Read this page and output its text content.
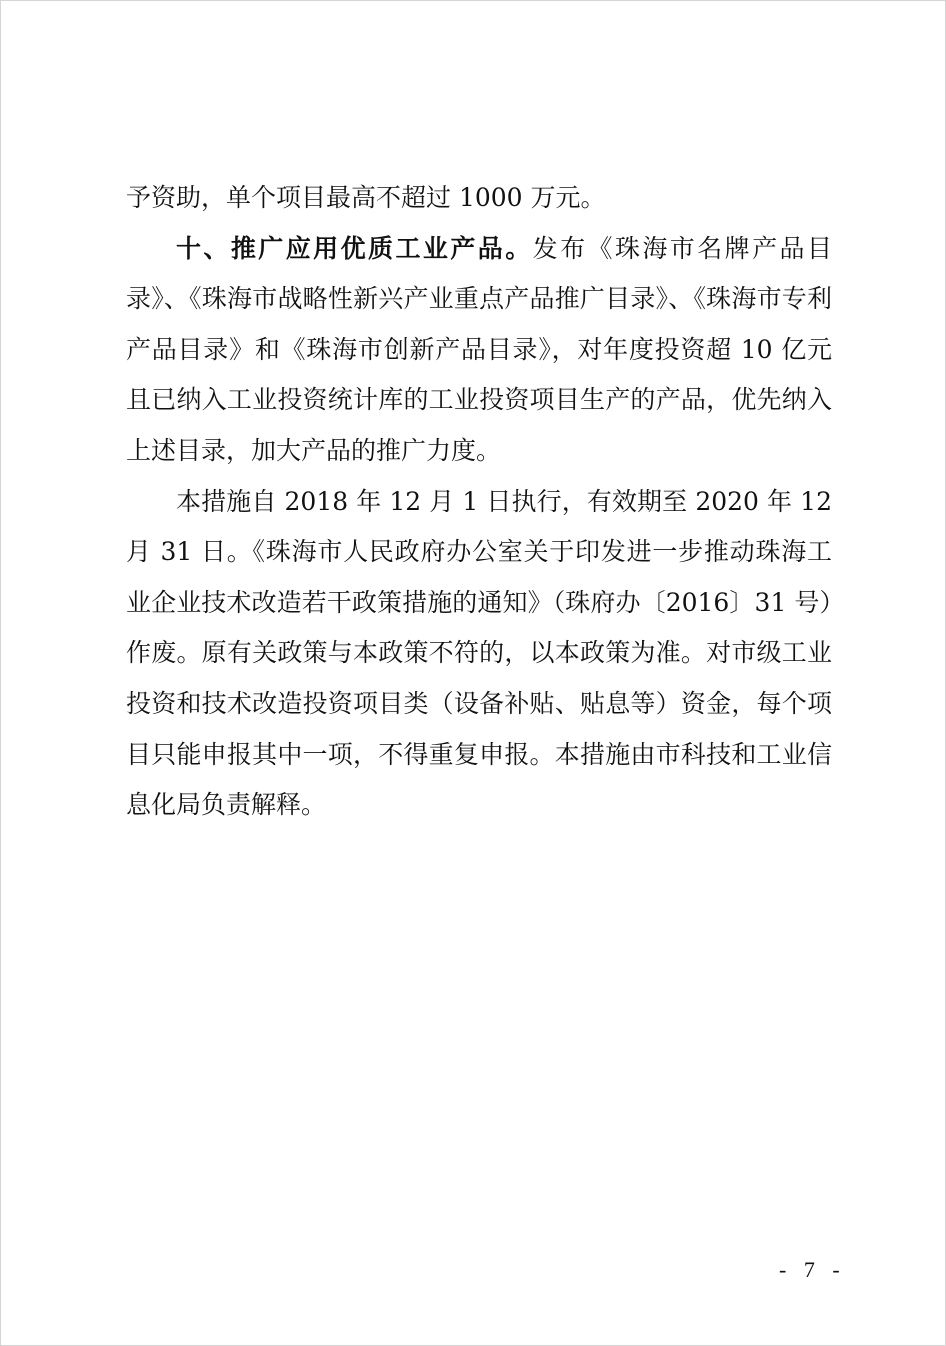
予资助，单个项目最高不超过 1000 万元。

十、推广应用优质工业产品。发布《珠海市名牌产品目录》、《珠海市战略性新兴产业重点产品推广目录》、《珠海市专利产品目录》和《珠海市创新产品目录》，对年度投资超 10 亿元且已纳入工业投资统计库的工业投资项目生产的产品，优先纳入上述目录，加大产品的推广力度。

本措施自 2018 年 12 月 1 日执行，有效期至 2020 年 12 月 31 日。《珠海市人民政府办公室关于印发进一步推动珠海工业企业技术改造若干政策措施的通知》（珠府办〔2016〕31 号）作废。原有关政策与本政策不符的，以本政策为准。对市级工业投资和技术改造投资项目类（设备补贴、贴息等）资金，每个项目只能申报其中一项，不得重复申报。本措施由市科技和工业信息化局负责解释。

- 7 -
